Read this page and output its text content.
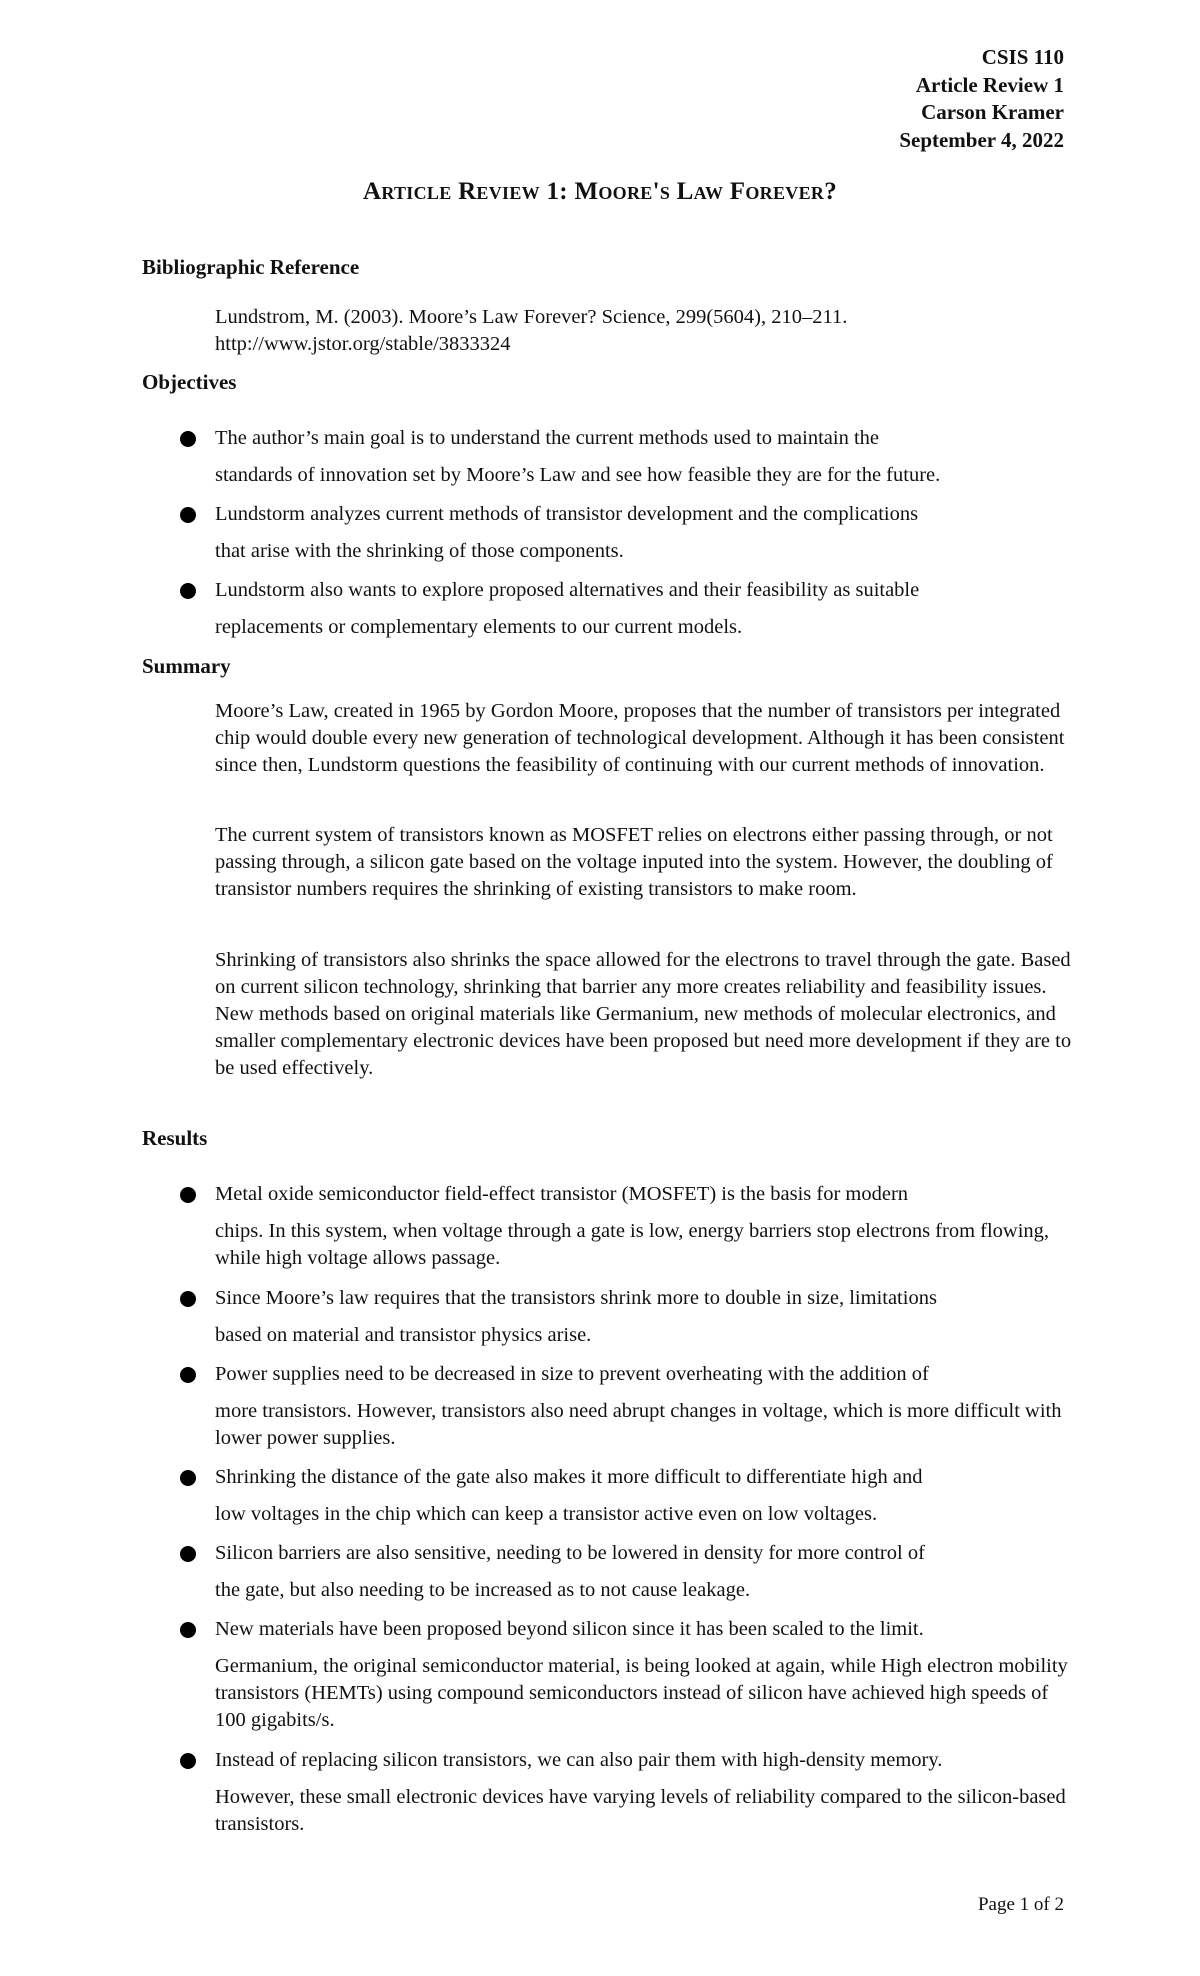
CSIS 110
Article Review 1
Carson Kramer
September 4, 2022
Article Review 1: Moore's Law Forever?
Bibliographic Reference
Lundstrom, M. (2003). Moore’s Law Forever? Science, 299(5604), 210–211.
http://www.jstor.org/stable/3833324
Objectives
The author’s main goal is to understand the current methods used to maintain the
standards of innovation set by Moore’s Law and see how feasible they are for the future.
Lundstorm analyzes current methods of transistor development and the complications
that arise with the shrinking of those components.
Lundstorm also wants to explore proposed alternatives and their feasibility as suitable
replacements or complementary elements to our current models.
Summary

Moore’s Law, created in 1965 by Gordon Moore, proposes that the number of transistors per integrated chip would double every new generation of technological development. Although it has been consistent since then, Lundstorm questions the feasibility of continuing with our current methods of innovation.

The current system of transistors known as MOSFET relies on electrons either passing through, or not passing through, a silicon gate based on the voltage inputed into the system. However, the doubling of transistor numbers requires the shrinking of existing transistors to make room.

Shrinking of transistors also shrinks the space allowed for the electrons to travel through the gate. Based on current silicon technology, shrinking that barrier any more creates reliability and feasibility issues. New methods based on original materials like Germanium, new methods of molecular electronics, and smaller complementary electronic devices have been proposed but need more development if they are to be used effectively.

Results
Metal oxide semiconductor field-effect transistor (MOSFET) is the basis for modern
chips. In this system, when voltage through a gate is low, energy barriers stop electrons from flowing, while high voltage allows passage.
Since Moore’s law requires that the transistors shrink more to double in size, limitations
based on material and transistor physics arise.
Power supplies need to be decreased in size to prevent overheating with the addition of
more transistors. However, transistors also need abrupt changes in voltage, which is more difficult with lower power supplies.
Shrinking the distance of the gate also makes it more difficult to differentiate high and
low voltages in the chip which can keep a transistor active even on low voltages.
Silicon barriers are also sensitive, needing to be lowered in density for more control of
the gate, but also needing to be increased as to not cause leakage.
New materials have been proposed beyond silicon since it has been scaled to the limit.
Germanium, the original semiconductor material, is being looked at again, while High electron mobility transistors (HEMTs) using compound semiconductors instead of silicon have achieved high speeds of 100 gigabits/s.
Instead of replacing silicon transistors, we can also pair them with high-density memory.
However, these small electronic devices have varying levels of reliability compared to the silicon-based transistors.
Page 1 of 2
